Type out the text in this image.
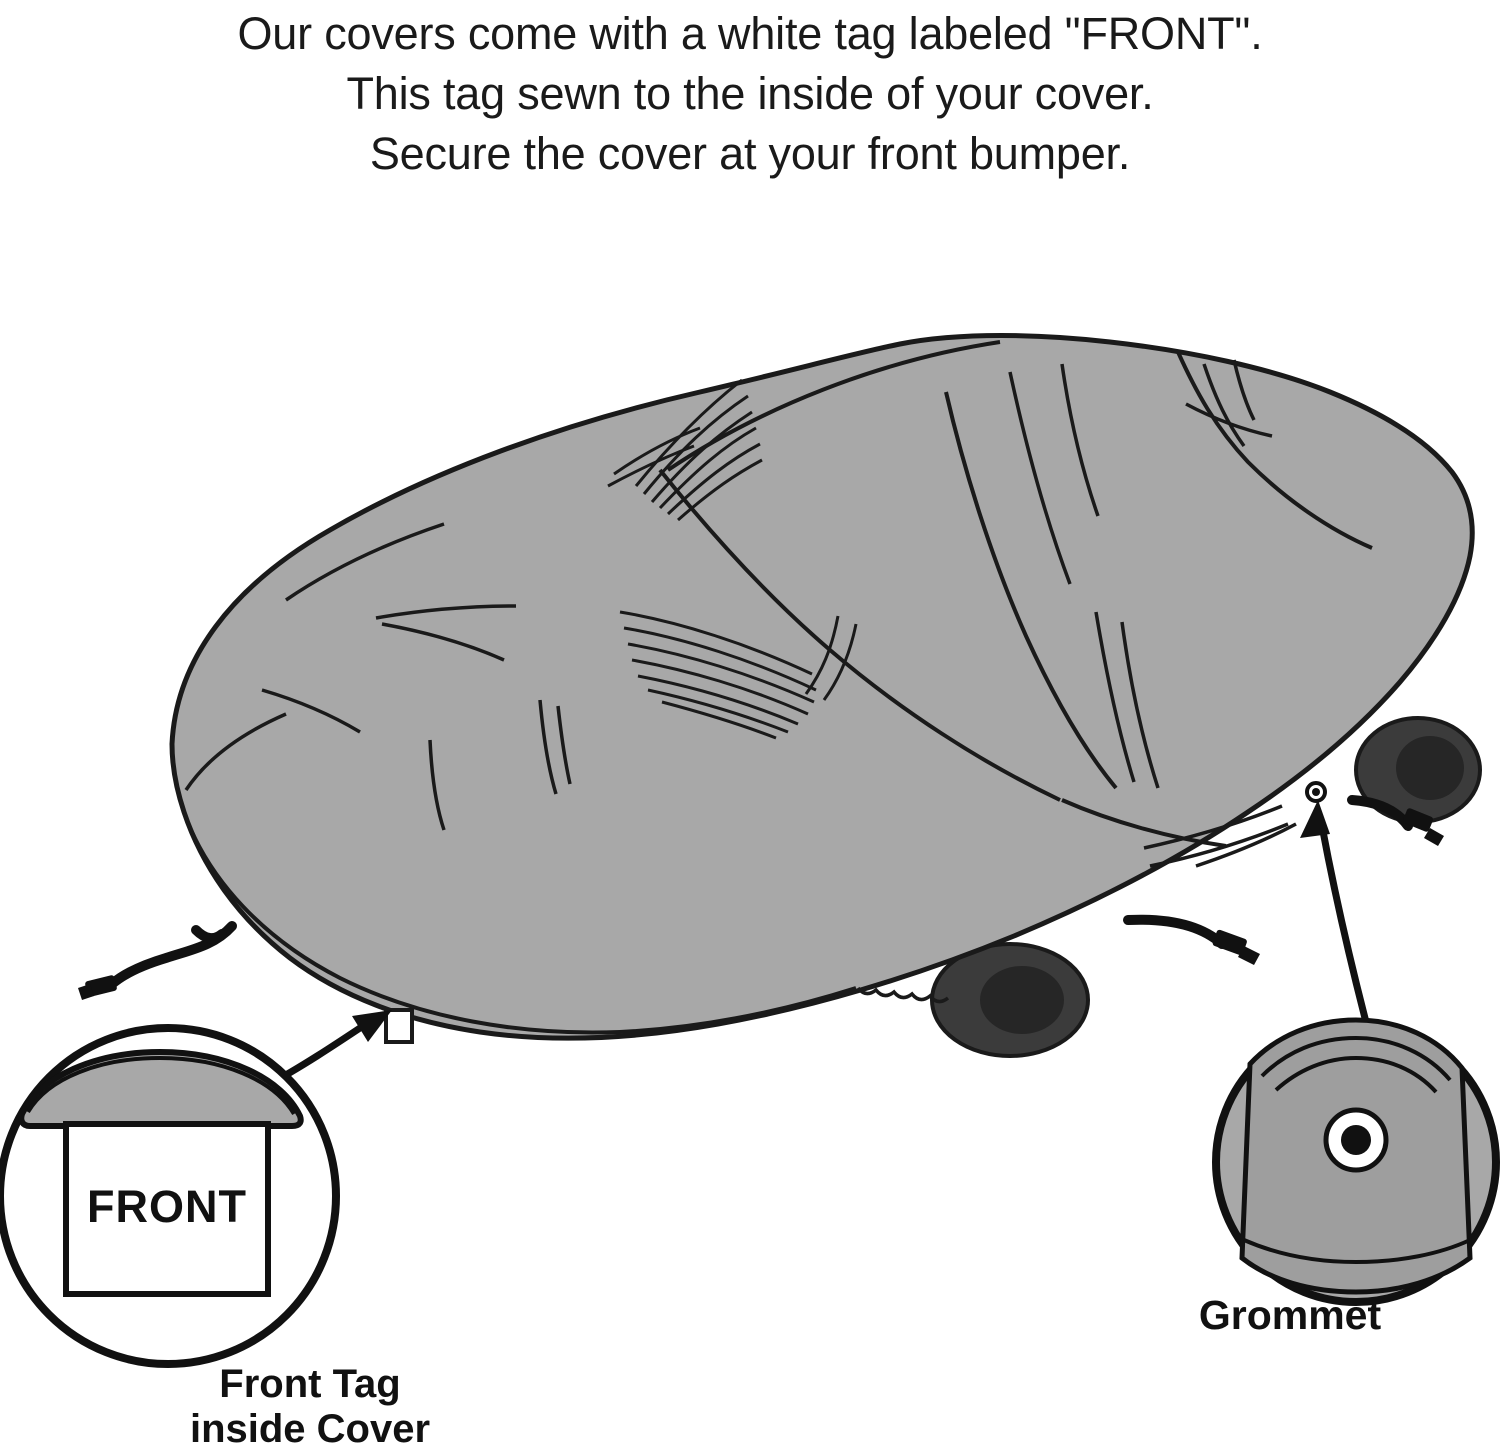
Our covers come with a white tag labeled "FRONT".
This tag sewn to the inside of your cover.
Secure the cover at your front bumper.
FRONT
Grommet
Front Tag
inside Cover
